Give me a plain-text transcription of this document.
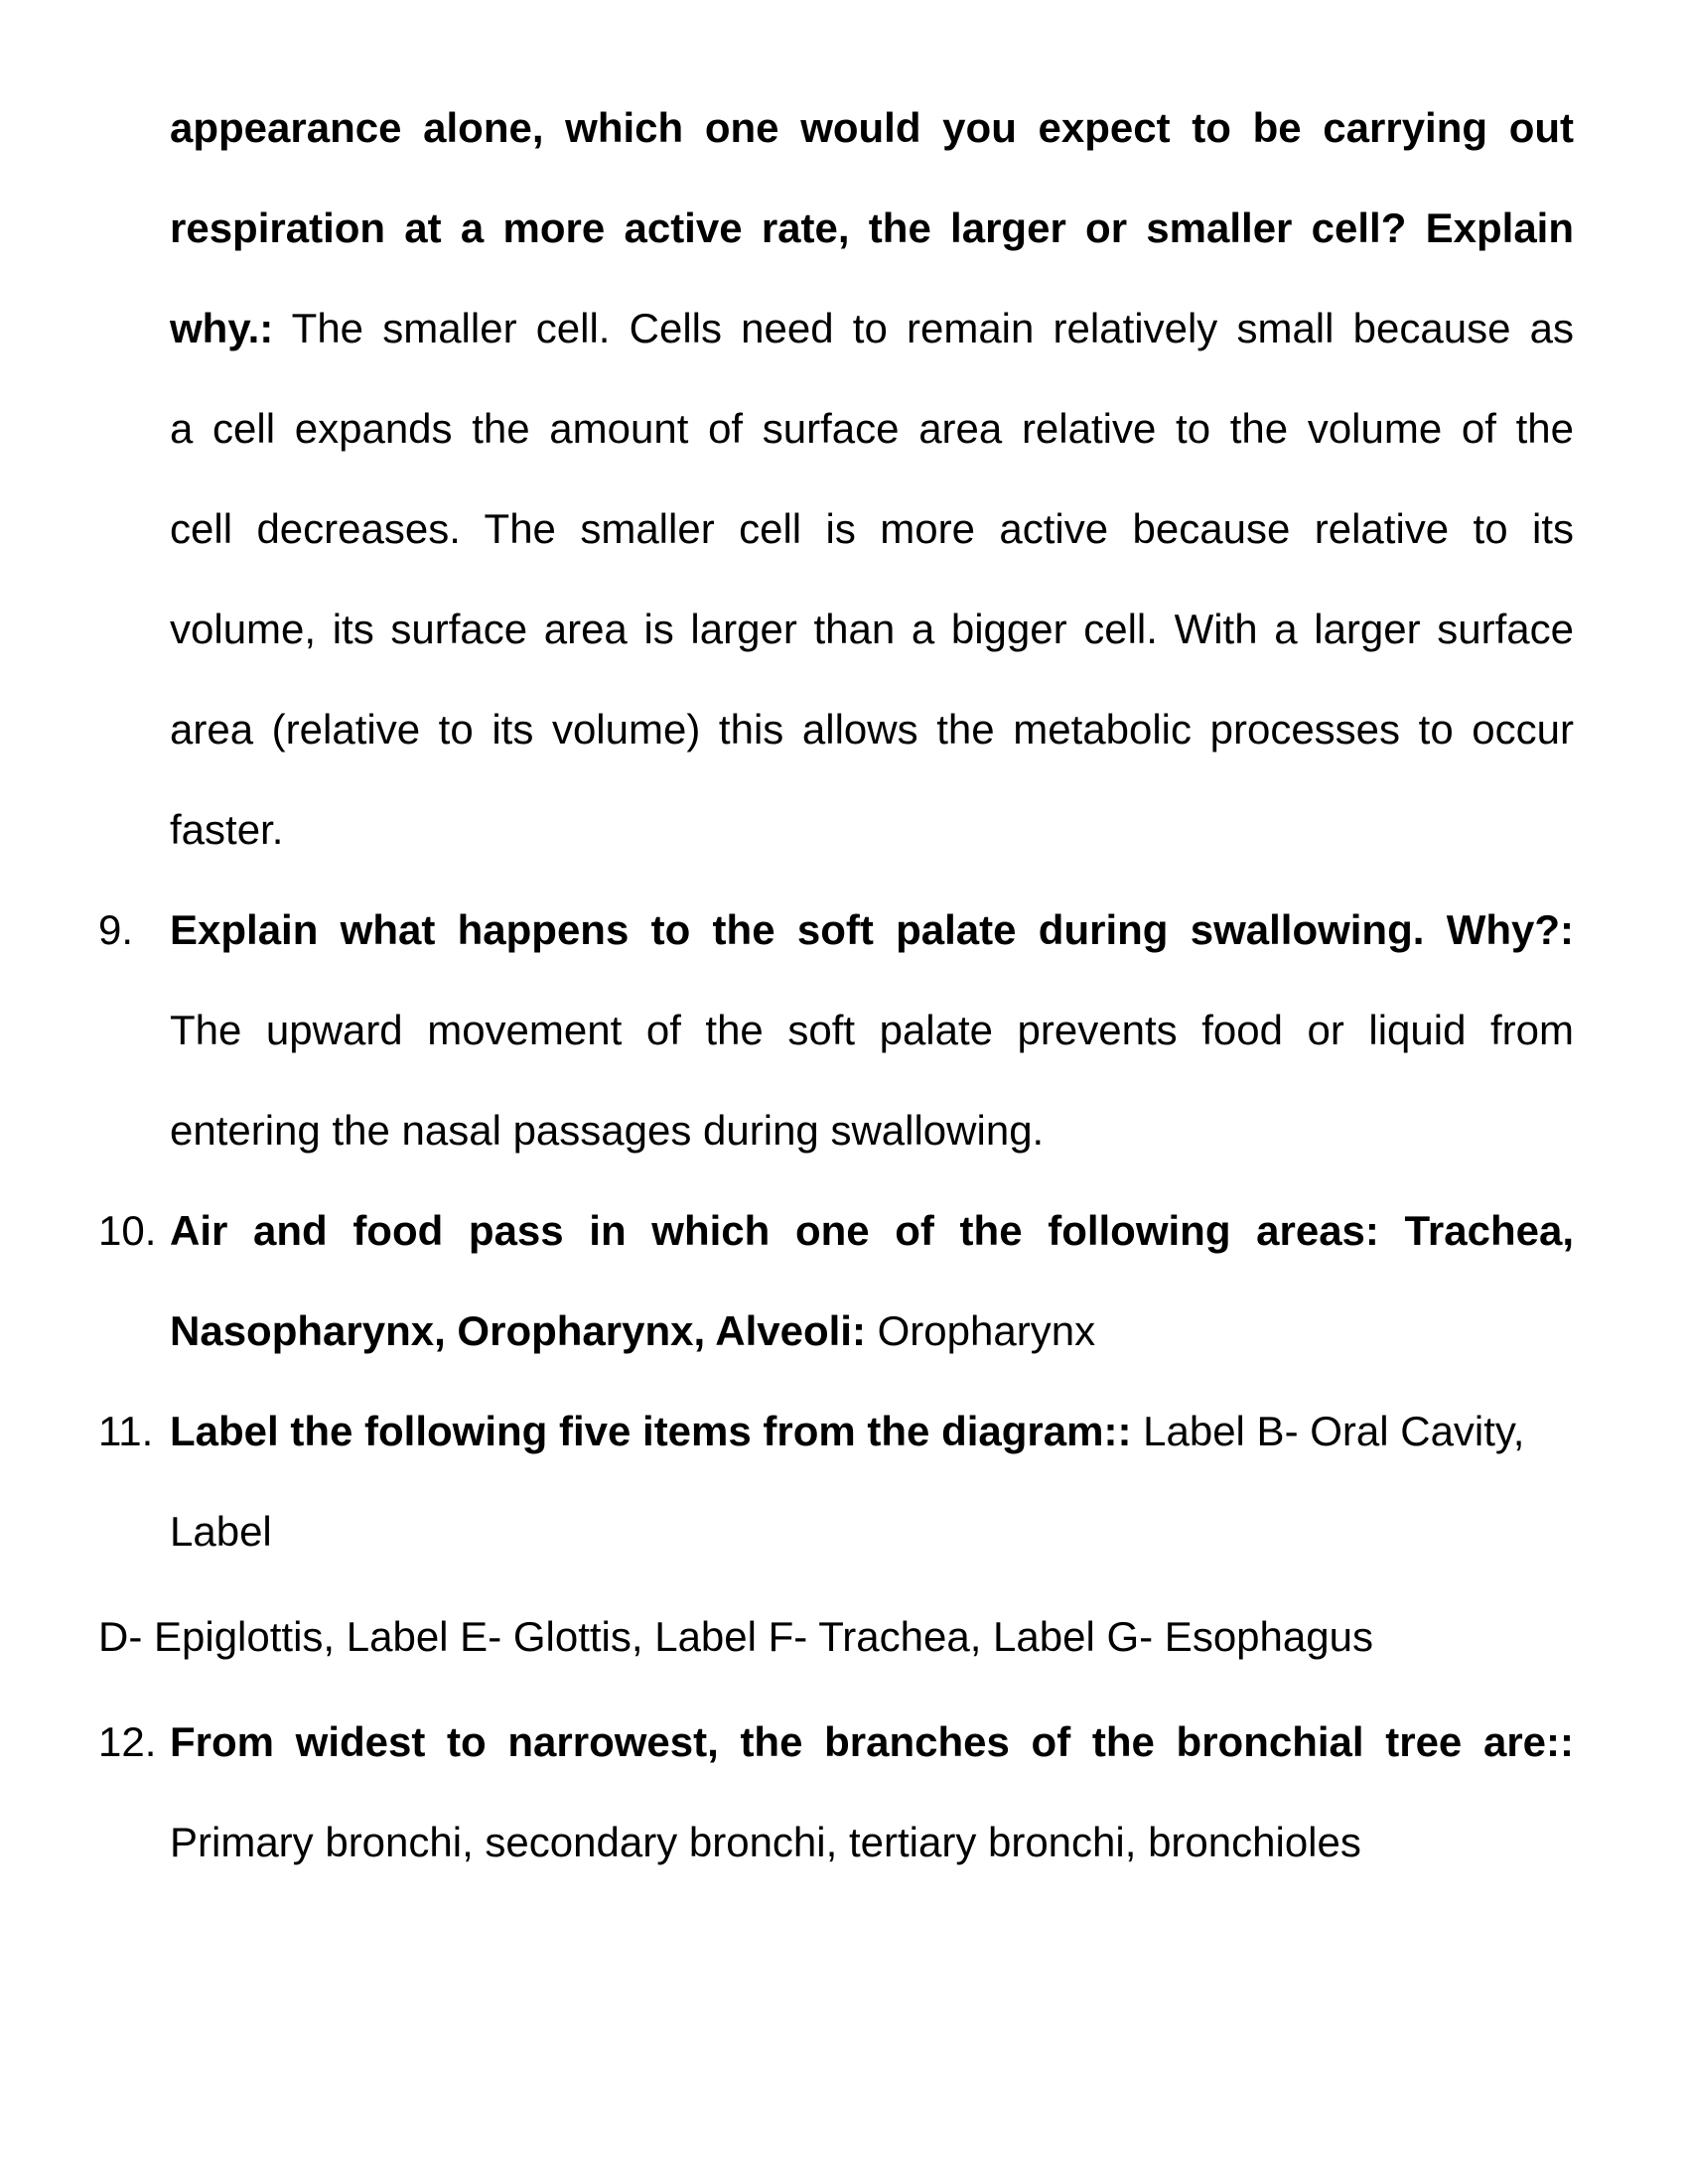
appearance alone, which one would you expect to be carrying out
respiration at a more active rate, the larger or smaller cell? Explain
why.: The smaller cell. Cells need to remain relatively small because as
a cell expands the amount of surface area relative to the volume of the
cell decreases. The smaller cell is more active because relative to its
volume, its surface area is larger than a bigger cell. With a larger surface
area (relative to its volume) this allows the metabolic processes to occur
faster.
9. Explain what happens to the soft palate during swallowing. Why?:
The upward movement of the soft palate prevents food or liquid from
entering the nasal passages during swallowing.
10. Air and food pass in which one of the following areas: Trachea,
Nasopharynx, Oropharynx, Alveoli: Oropharynx
11. Label the following five items from the diagram:: Label B- Oral Cavity,
Label
D- Epiglottis, Label E- Glottis, Label F- Trachea, Label G- Esophagus
12. From widest to narrowest, the branches of the bronchial tree are::
Primary bronchi, secondary bronchi, tertiary bronchi, bronchioles
